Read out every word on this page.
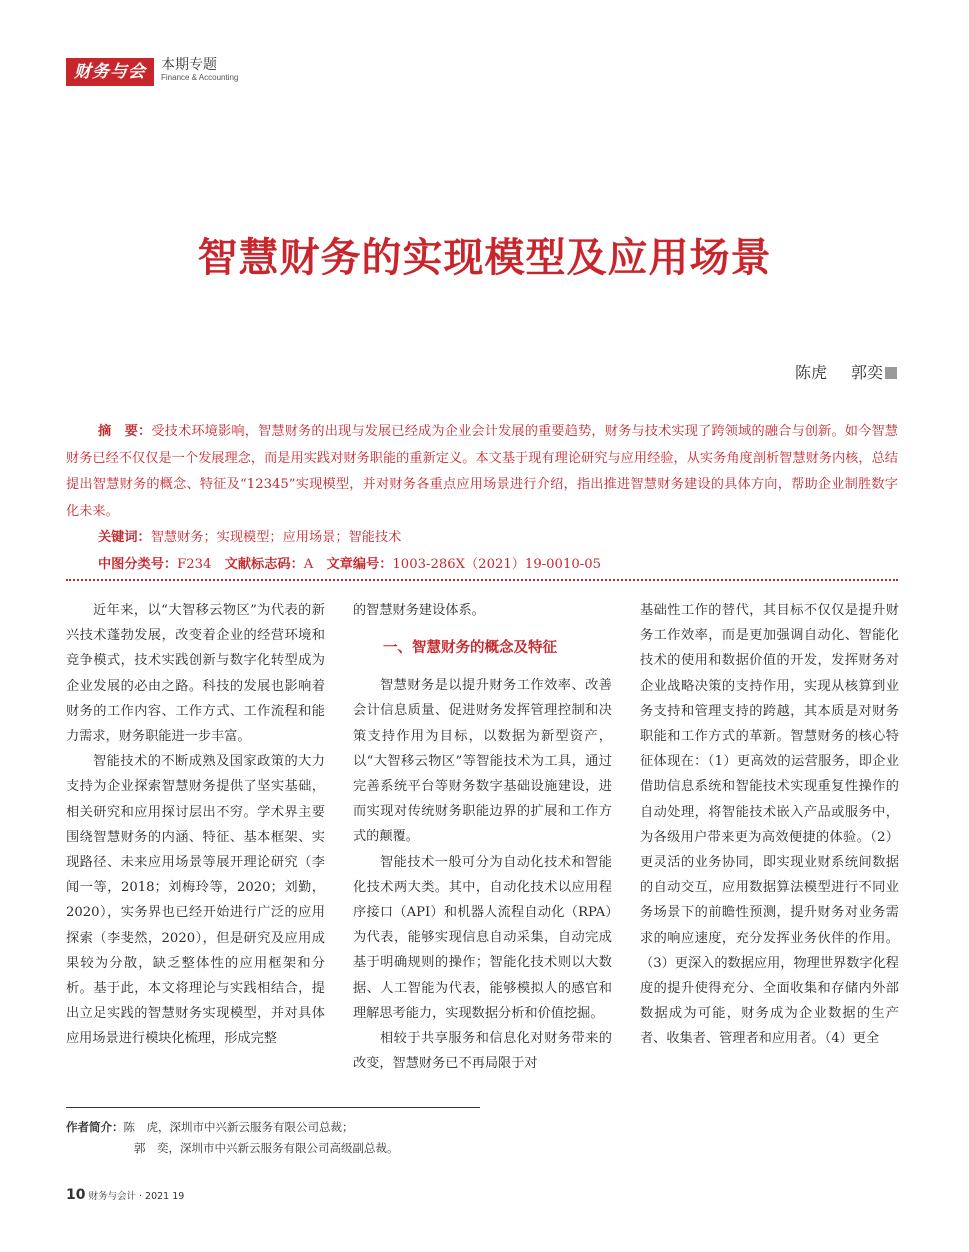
财务与会计
本期专题
Finance & Accounting
智慧财务的实现模型及应用场景
陈虎 郭奕

摘　要：受技术环境影响，智慧财务的出现与发展已经成为企业会计发展的重要趋势，财务与技术实现了跨领域的融合与创新。如今智慧财务已经不仅仅是一个发展理念，而是用实践对财务职能的重新定义。本文基于现有理论研究与应用经验，从实务角度剖析智慧财务内核，总结提出智慧财务的概念、特征及“12345”实现模型，并对财务各重点应用场景进行介绍，指出推进智慧财务建设的具体方向，帮助企业制胜数字化未来。

关键词：智慧财务；实现模型；应用场景；智能技术
中图分类号：F234  文献标志码：A  文章编号：1003-286X（2021）19-0010-05

近年来，以“大智移云物区”为代表的新兴技术蓬勃发展，改变着企业的经营环境和竞争模式，技术实践创新与数字化转型成为企业发展的必由之路。科技的发展也影响着财务的工作内容、工作方式、工作流程和能力需求，财务职能进一步丰富。

智能技术的不断成熟及国家政策的大力支持为企业探索智慧财务提供了坚实基础，相关研究和应用探讨层出不穷。学术界主要围绕智慧财务的内涵、特征、基本框架、实现路径、未来应用场景等展开理论研究（李闻一等，2018；刘梅玲等，2020；刘勤，2020），实务界也已经开始进行广泛的应用探索（李斐然，2020），但是研究及应用成果较为分散，缺乏整体性的应用框架和分析。基于此，本文将理论与实践相结合，提出立足实践的智慧财务实现模型，并对具体应用场景进行模块化梳理，形成完整

的智慧财务建设体系。

一、智慧财务的概念及特征

智慧财务是以提升财务工作效率、改善会计信息质量、促进财务发挥管理控制和决策支持作用为目标，以数据为新型资产，以“大智移云物区”等智能技术为工具，通过完善系统平台等财务数字基础设施建设，进而实现对传统财务职能边界的扩展和工作方式的颠覆。

智能技术一般可分为自动化技术和智能化技术两大类。其中，自动化技术以应用程序接口（API）和机器人流程自动化（RPA）为代表，能够实现信息自动采集，自动完成基于明确规则的操作；智能化技术则以大数据、人工智能为代表，能够模拟人的感官和理解思考能力，实现数据分析和价值挖掘。

相较于共享服务和信息化对财务带来的改变，智慧财务已不再局限于对

基础性工作的替代，其目标不仅仅是提升财务工作效率，而是更加强调自动化、智能化技术的使用和数据价值的开发，发挥财务对企业战略决策的支持作用，实现从核算到业务支持和管理支持的跨越，其本质是对财务职能和工作方式的革新。智慧财务的核心特征体现在：（1）更高效的运营服务，即企业借助信息系统和智能技术实现重复性操作的自动处理，将智能技术嵌入产品或服务中，为各级用户带来更为高效便捷的体验。（2）更灵活的业务协同，即实现业财系统间数据的自动交互，应用数据算法模型进行不同业务场景下的前瞻性预测，提升财务对业务需求的响应速度，充分发挥业务伙伴的作用。（3）更深入的数据应用，物理世界数字化程度的提升使得充分、全面收集和存储内外部数据成为可能，财务成为企业数据的生产者、收集者、管理者和应用者。（4）更全

作者简介：陈　虎，深圳市中兴新云服务有限公司总裁；
郭　奕，深圳市中兴新云服务有限公司高级副总裁。
10 财务与会计 · 2021 19
